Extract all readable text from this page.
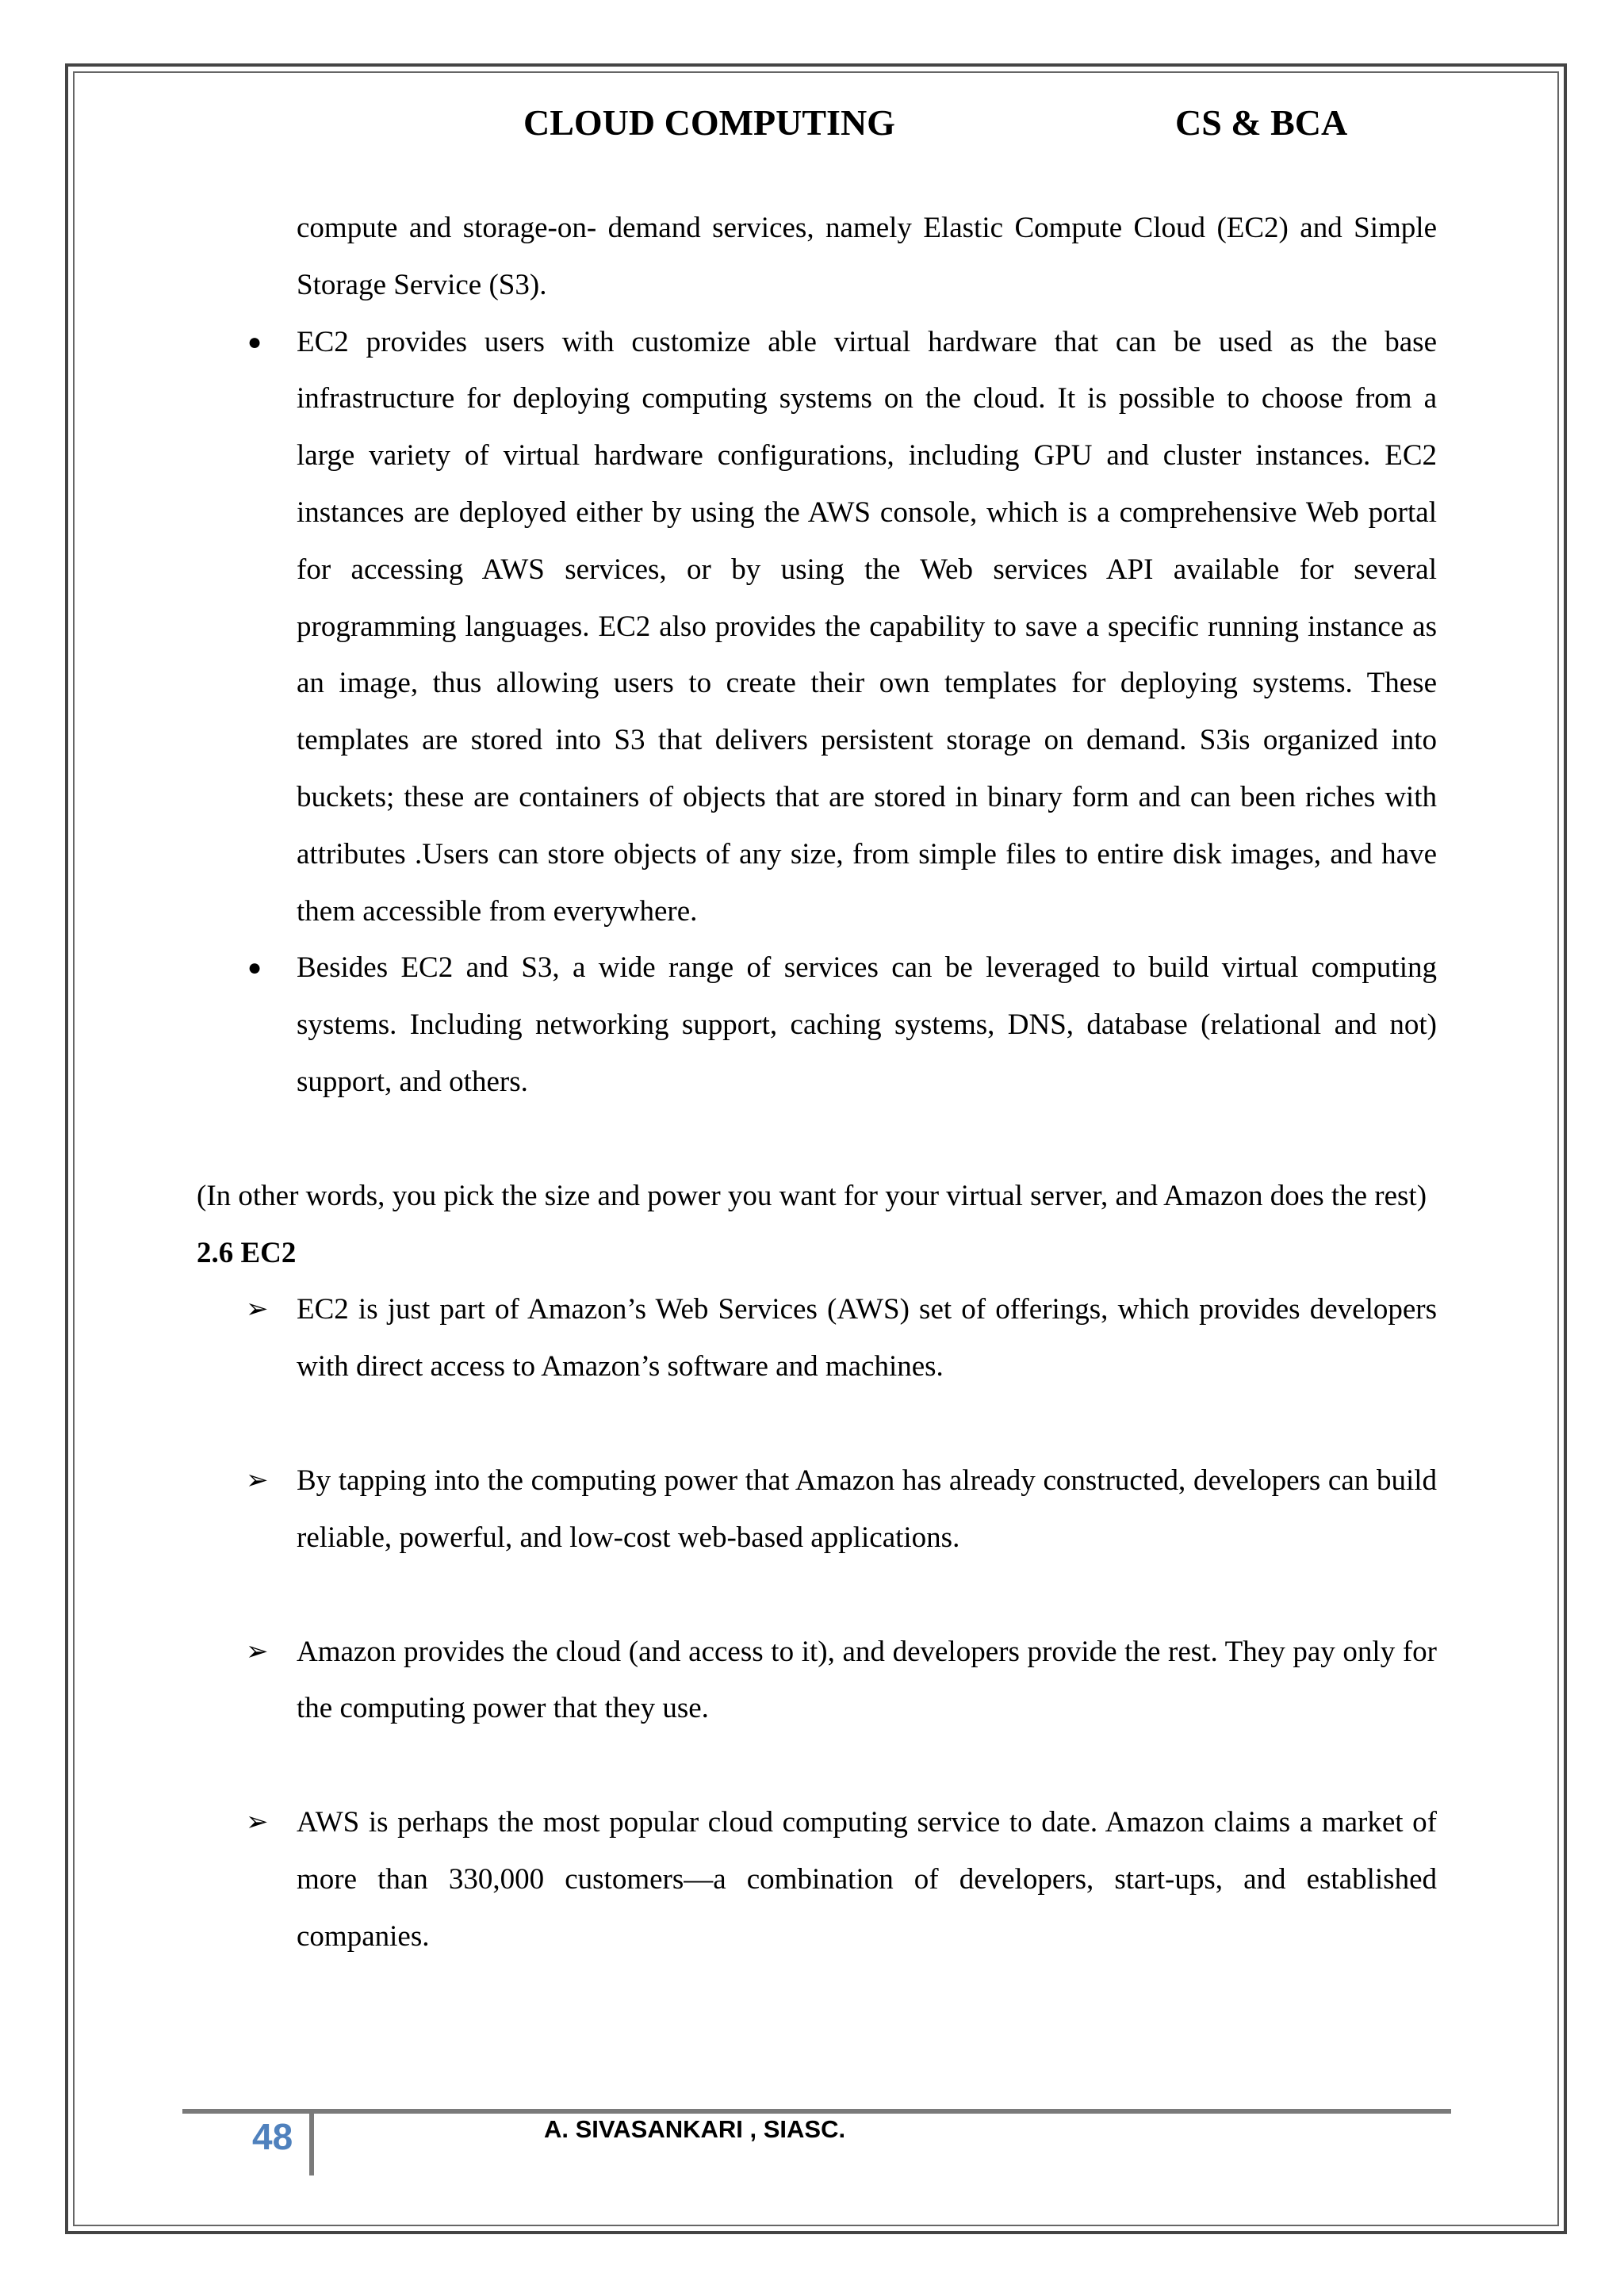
CLOUD COMPUTING	CS & BCA

compute and storage-on- demand services, namely Elastic Compute Cloud (EC2) and Simple Storage Service (S3).

● EC2 provides users with customize able virtual hardware that can be used as the base infrastructure for deploying computing systems on the cloud. It is possible to choose from a large variety of virtual hardware configurations, including GPU and cluster instances. EC2 instances are deployed either by using the AWS console, which is a comprehensive Web portal for accessing AWS services, or by using the Web services API available for several programming languages. EC2 also provides the capability to save a specific running instance as an image, thus allowing users to create their own templates for deploying systems. These templates are stored into S3 that delivers persistent storage on demand. S3is organized into buckets; these are containers of objects that are stored in binary form and can been riches with attributes .Users can store objects of any size, from simple files to entire disk images, and have them accessible from everywhere.
● Besides EC2 and S3, a wide range of services can be leveraged to build virtual computing systems. Including networking support, caching systems, DNS, database (relational and not) support, and others.

(In other words, you pick the size and power you want for your virtual server, and Amazon does the rest)

2.6 EC2

➢ EC2 is just part of Amazon’s Web Services (AWS) set of offerings, which provides developers with direct access to Amazon’s software and machines.
➢ By tapping into the computing power that Amazon has already constructed, developers can build reliable, powerful, and low-cost web-based applications.
➢ Amazon provides the cloud (and access to it), and developers provide the rest. They pay only for the computing power that they use.
➢ AWS is perhaps the most popular cloud computing service to date. Amazon claims a market of more than 330,000 customers—a combination of developers, start-ups, and established companies.
48	A. SIVASANKARI , SIASC.
